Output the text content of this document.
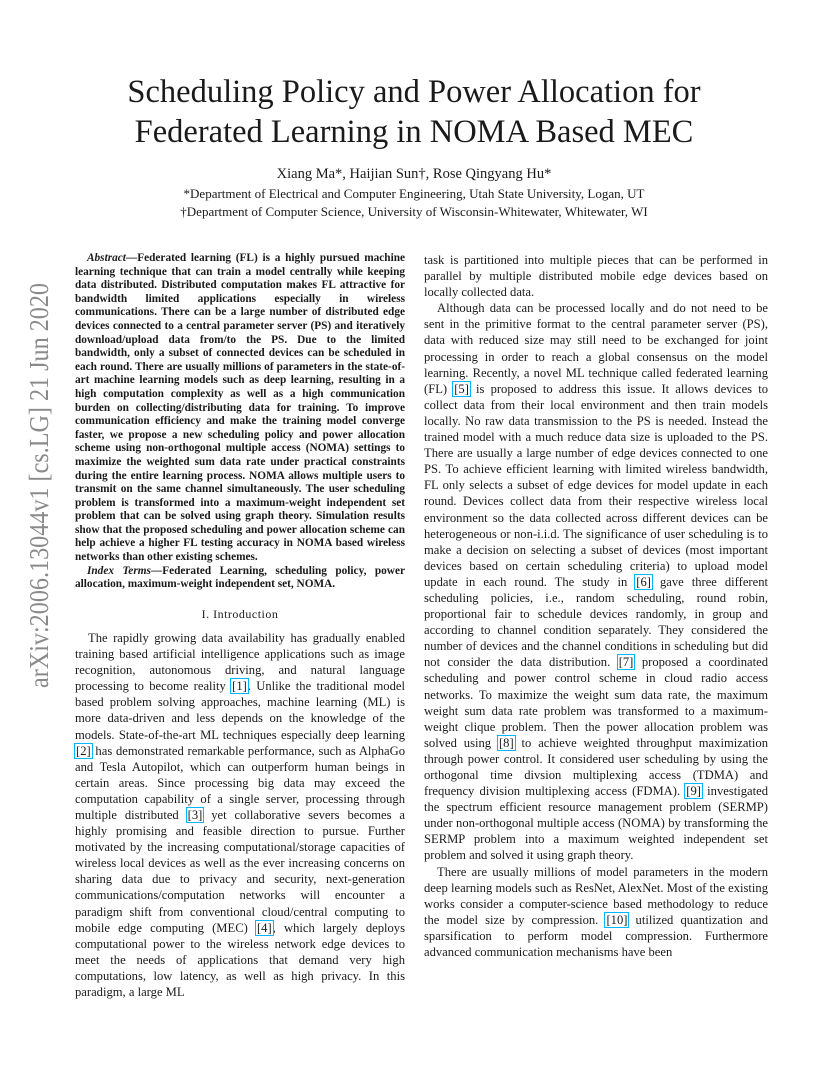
arXiv:2006.13044v1 [cs.LG] 21 Jun 2020
Scheduling Policy and Power Allocation for
Federated Learning in NOMA Based MEC
Xiang Ma*, Haijian Sun†, Rose Qingyang Hu*
*Department of Electrical and Computer Engineering, Utah State University, Logan, UT
†Department of Computer Science, University of Wisconsin-Whitewater, Whitewater, WI

Abstract—Federated learning (FL) is a highly pursued machine learning technique that can train a model centrally while keeping data distributed. Distributed computation makes FL attractive for bandwidth limited applications especially in wireless communications. There can be a large number of distributed edge devices connected to a central parameter server (PS) and iteratively download/upload data from/to the PS. Due to the limited bandwidth, only a subset of connected devices can be scheduled in each round. There are usually millions of parameters in the state-of-art machine learning models such as deep learning, resulting in a high computation complexity as well as a high communication burden on collecting/distributing data for training. To improve communication efficiency and make the training model converge faster, we propose a new scheduling policy and power allocation scheme using non-orthogonal multiple access (NOMA) settings to maximize the weighted sum data rate under practical constraints during the entire learning process. NOMA allows multiple users to transmit on the same channel simultaneously. The user scheduling problem is transformed into a maximum-weight independent set problem that can be solved using graph theory. Simulation results show that the proposed scheduling and power allocation scheme can help achieve a higher FL testing accuracy in NOMA based wireless networks than other existing schemes.

Index Terms—Federated Learning, scheduling policy, power allocation, maximum-weight independent set, NOMA.

I. Introduction

The rapidly growing data availability has gradually enabled training based artificial intelligence applications such as image recognition, autonomous driving, and natural language processing to become reality [1]. Unlike the traditional model based problem solving approaches, machine learning (ML) is more data-driven and less depends on the knowledge of the models. State-of-the-art ML techniques especially deep learning [2] has demonstrated remarkable performance, such as AlphaGo and Tesla Autopilot, which can outperform human beings in certain areas. Since processing big data may exceed the computation capability of a single server, processing through multiple distributed [3] yet collaborative severs becomes a highly promising and feasible direction to pursue. Further motivated by the increasing computational/storage capacities of wireless local devices as well as the ever increasing concerns on sharing data due to privacy and security, next-generation communications/computation networks will encounter a paradigm shift from conventional cloud/central computing to mobile edge computing (MEC) [4], which largely deploys computational power to the wireless network edge devices to meet the needs of applications that demand very high computations, low latency, as well as high privacy. In this paradigm, a large ML

task is partitioned into multiple pieces that can be performed in parallel by multiple distributed mobile edge devices based on locally collected data.

Although data can be processed locally and do not need to be sent in the primitive format to the central parameter server (PS), data with reduced size may still need to be exchanged for joint processing in order to reach a global consensus on the model learning. Recently, a novel ML technique called federated learning (FL) [5] is proposed to address this issue. It allows devices to collect data from their local environment and then train models locally. No raw data transmission to the PS is needed. Instead the trained model with a much reduce data size is uploaded to the PS. There are usually a large number of edge devices connected to one PS. To achieve efficient learning with limited wireless bandwidth, FL only selects a subset of edge devices for model update in each round. Devices collect data from their respective wireless local environment so the data collected across different devices can be heterogeneous or non-i.i.d. The significance of user scheduling is to make a decision on selecting a subset of devices (most important devices based on certain scheduling criteria) to upload model update in each round. The study in [6] gave three different scheduling policies, i.e., random scheduling, round robin, proportional fair to schedule devices randomly, in group and according to channel condition separately. They considered the number of devices and the channel conditions in scheduling but did not consider the data distribution. [7] proposed a coordinated scheduling and power control scheme in cloud radio access networks. To maximize the weight sum data rate, the maximum weight sum data rate problem was transformed to a maximum-weight clique problem. Then the power allocation problem was solved using [8] to achieve weighted throughput maximization through power control. It considered user scheduling by using the orthogonal time divsion multiplexing access (TDMA) and frequency division multiplexing access (FDMA). [9] investigated the spectrum efficient resource management problem (SERMP) under non-orthogonal multiple access (NOMA) by transforming the SERMP problem into a maximum weighted independent set problem and solved it using graph theory.

There are usually millions of model parameters in the modern deep learning models such as ResNet, AlexNet. Most of the existing works consider a computer-science based methodology to reduce the model size by compression. [10] utilized quantization and sparsification to perform model compression. Furthermore advanced communication mechanisms have been
